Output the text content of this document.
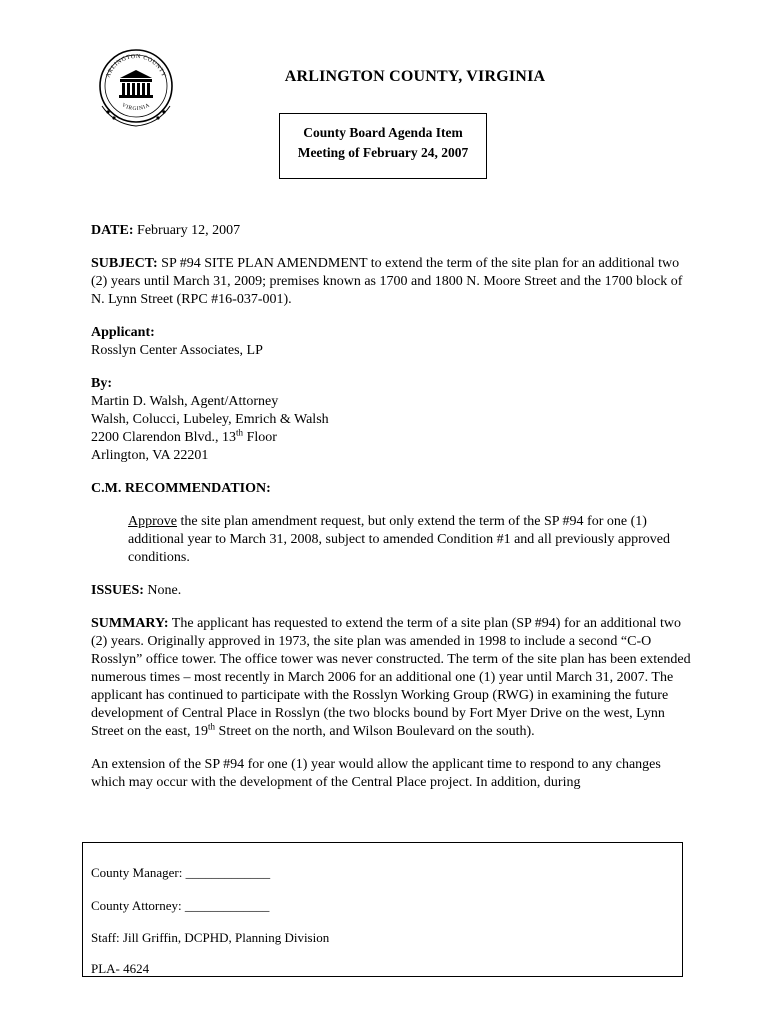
ARLINGTON COUNTY
VIRGINIA
ARLINGTON COUNTY, VIRGINIA
County Board Agenda Item
Meeting of February 24, 2007

DATE: February 12, 2007

SUBJECT: SP #94 SITE PLAN AMENDMENT to extend the term of the site plan for an additional two (2) years until March 31, 2009; premises known as 1700 and 1800 N. Moore Street and the 1700 block of N. Lynn Street (RPC #16-037-001).

Applicant:
Rosslyn Center Associates, LP

By:
Martin D. Walsh, Agent/Attorney
Walsh, Colucci, Lubeley, Emrich & Walsh
2200 Clarendon Blvd., 13th Floor
Arlington, VA 22201

C.M. RECOMMENDATION:

Approve the site plan amendment request, but only extend the term of the SP #94 for one (1) additional year to March 31, 2008, subject to amended Condition #1 and all previously approved conditions.

ISSUES: None.

SUMMARY: The applicant has requested to extend the term of a site plan (SP #94) for an additional two (2) years. Originally approved in 1973, the site plan was amended in 1998 to include a second “C-O Rosslyn” office tower. The office tower was never constructed. The term of the site plan has been extended numerous times – most recently in March 2006 for an additional one (1) year until March 31, 2007. The applicant has continued to participate with the Rosslyn Working Group (RWG) in examining the future development of Central Place in Rosslyn (the two blocks bound by Fort Myer Drive on the west, Lynn Street on the east, 19th Street on the north, and Wilson Boulevard on the south).

An extension of the SP #94 for one (1) year would allow the applicant time to respond to any changes which may occur with the development of the Central Place project. In addition, during

County Manager: _____________
County Attorney: _____________
Staff: Jill Griffin, DCPHD, Planning Division
PLA- 4624
